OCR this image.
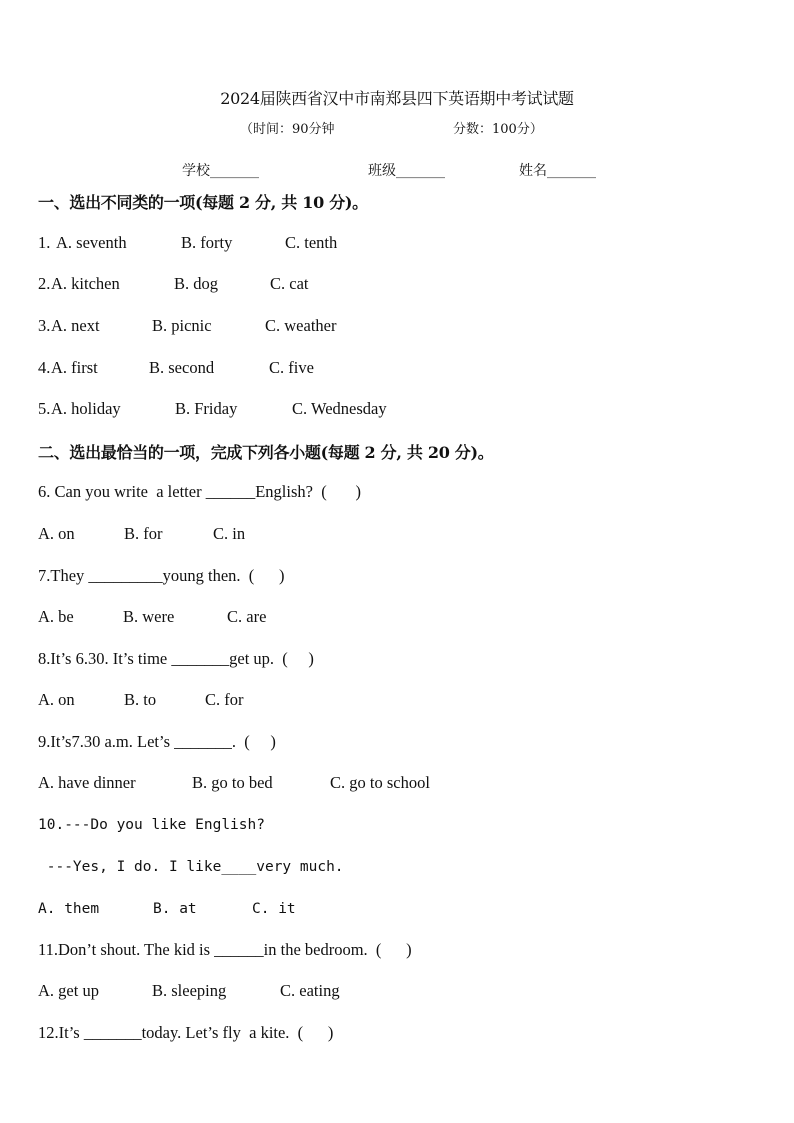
2024届陕西省汉中市南郑县四下英语期中考试试题
（时间：90分钟	分数：100分）
学校_______	班级_______	姓名_______
一、选出不同类的一项(每题 2 分, 共 10 分)。
1. A. seventh	B. forty	C. tenth
2. A. kitchen	B. dog	C. cat
3. A. next	B. picnic	C. weather
4. A. first	B. second	C. five
5. A. holiday	B. Friday	C. Wednesday
二、选出最恰当的一项，完成下列各小题(每题 2 分, 共 20 分)。
6. Can you write  a letter ______English?  (       )
A. on	B. for	C. in
7.They _________young then.  (      )
A. be	B. were	C. are
8.It’s 6.30. It’s time _______get up.  (     )
A. on	B. to	C. for
9.It’s7.30 a.m. Let’s _______.  (     )
A. have dinner	B. go to bed	C. go to school
10.---Do you like English?
---Yes, I do. I like____very much.
A. them	B. at	C. it
11.Don’t shout. The kid is ______in the bedroom.  (      )
A. get up	B. sleeping	C. eating
12.It’s _______today. Let’s fly  a kite.  (      )
